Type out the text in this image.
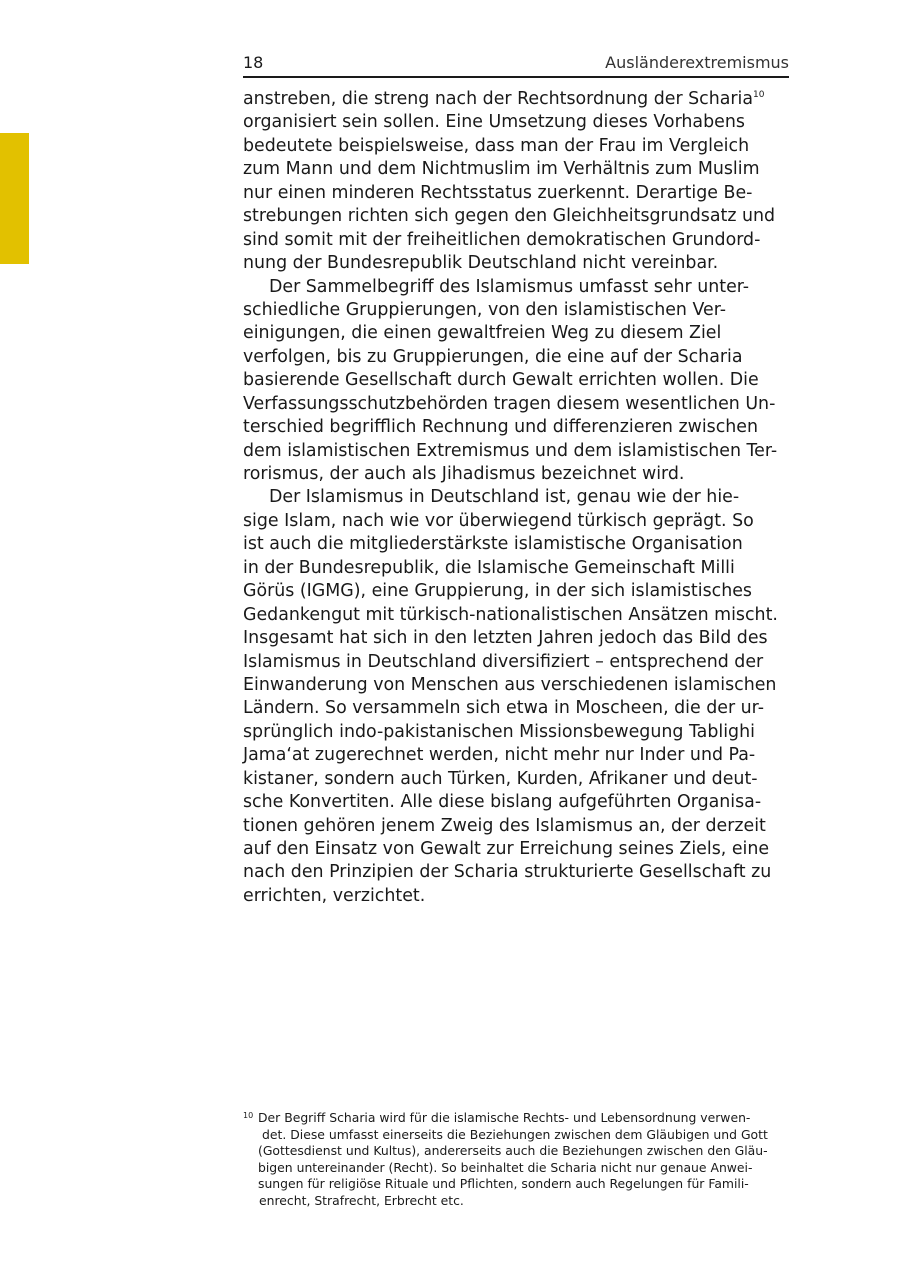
18	Ausländerextremismus
anstreben, die streng nach der Rechtsordnung der Scharia$^{10}$
organisiert sein sollen. Eine Umsetzung dieses Vorhabens
bedeutete beispielsweise, dass man der Frau im Vergleich
zum Mann und dem Nichtmuslim im Verhältnis zum Muslim
nur einen minderen Rechtsstatus zuerkennt. Derartige Be-
strebungen richten sich gegen den Gleichheitsgrundsatz und
sind somit mit der freiheitlichen demokratischen Grundord-
nung der Bundesrepublik Deutschland nicht vereinbar.
Der Sammelbegriff des Islamismus umfasst sehr unter-
schiedliche Gruppierungen, von den islamistischen Ver-
einigungen, die einen gewaltfreien Weg zu diesem Ziel
verfolgen, bis zu Gruppierungen, die eine auf der Scharia
basierende Gesellschaft durch Gewalt errichten wollen. Die
Verfassungsschutzbehörden tragen diesem wesentlichen Un-
terschied begrifflich Rechnung und differenzieren zwischen
dem islamistischen Extremismus und dem islamistischen Ter-
rorismus, der auch als Jihadismus bezeichnet wird.
Der Islamismus in Deutschland ist, genau wie der hie-
sige Islam, nach wie vor überwiegend türkisch geprägt. So
ist auch die mitgliederstärkste islamistische Organisation
in der Bundesrepublik, die Islamische Gemeinschaft Milli
Görüs (IGMG), eine Gruppierung, in der sich islamistisches
Gedankengut mit türkisch-nationalistischen Ansätzen mischt.
Insgesamt hat sich in den letzten Jahren jedoch das Bild des
Islamismus in Deutschland diversifiziert – entsprechend der
Einwanderung von Menschen aus verschiedenen islamischen
Ländern. So versammeln sich etwa in Moscheen, die der ur-
sprünglich indo-pakistanischen Missionsbewegung Tablighi
Jama‘at zugerechnet werden, nicht mehr nur Inder und Pa-
kistaner, sondern auch Türken, Kurden, Afrikaner und deut-
sche Konvertiten. Alle diese bislang aufgeführten Organisa-
tionen gehören jenem Zweig des Islamismus an, der derzeit
auf den Einsatz von Gewalt zur Erreichung seines Ziels, eine
nach den Prinzipien der Scharia strukturierte Gesellschaft zu
errichten, verzichtet.
10 Der Begriff Scharia wird für die islamische Rechts- und Lebensordnung verwen-
det. Diese umfasst einerseits die Beziehungen zwischen dem Gläubigen und Gott
(Gottesdienst und Kultus), andererseits auch die Beziehungen zwischen den Gläu-
bigen untereinander (Recht). So beinhaltet die Scharia nicht nur genaue Anwei-
sungen für religiöse Rituale und Pflichten, sondern auch Regelungen für Famili-
enrecht, Strafrecht, Erbrecht etc.
